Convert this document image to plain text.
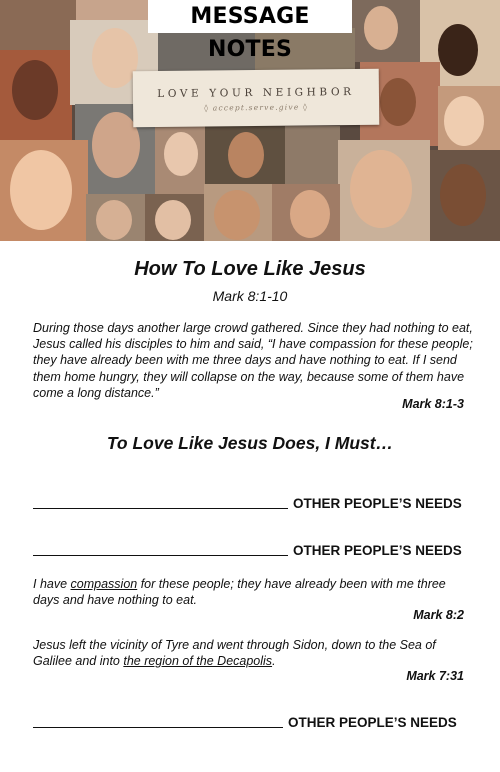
MESSAGE NOTES
LOVE YOUR NEIGHBOR
◊ accept.serve.give ◊
How To Love Like Jesus
Mark 8:1-10
During those days another large crowd gathered. Since they had nothing to eat, Jesus called his disciples to him and said, “I have compassion for these people; they have already been with me three days and have nothing to eat. If I send them home hungry, they will collapse on the way, because some of them have come a long distance.”
Mark 8:1-3
To Love Like Jesus Does, I Must…
OTHER PEOPLE’S NEEDS
OTHER PEOPLE’S NEEDS
I have compassion for these people; they have already been with me three days and have nothing to eat.
Mark 8:2
Jesus left the vicinity of Tyre and went through Sidon, down to the Sea of Galilee and into the region of the Decapolis.
Mark 7:31
OTHER PEOPLE’S NEEDS
